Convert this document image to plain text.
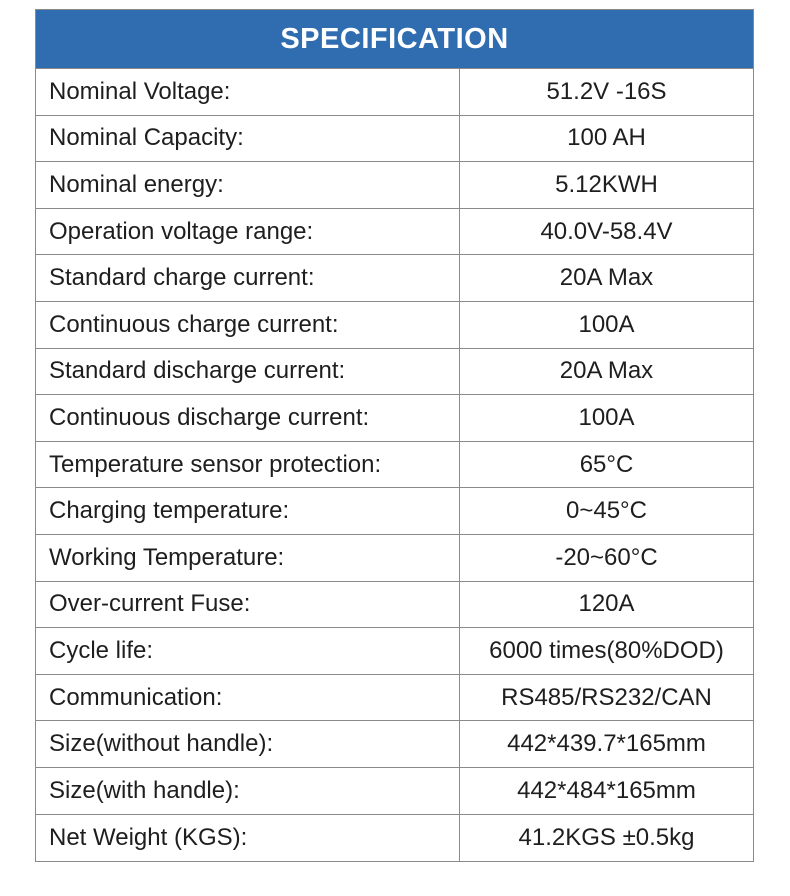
SPECIFICATION
Nominal Voltage:	51.2V -16S
Nominal Capacity:	100 AH
Nominal energy:	5.12KWH
Operation voltage range:	40.0V-58.4V
Standard charge current:	20A Max
Continuous charge current:	100A
Standard discharge current:	20A Max
Continuous discharge current:	100A
Temperature sensor protection:	65°C
Charging temperature:	0~45°C
Working Temperature:	-20~60°C
Over-current Fuse:	120A
Cycle life:	6000 times(80%DOD)
Communication:	RS485/RS232/CAN
Size(without handle):	442*439.7*165mm
Size(with handle):	442*484*165mm
Net Weight (KGS):	41.2KGS ±0.5kg
